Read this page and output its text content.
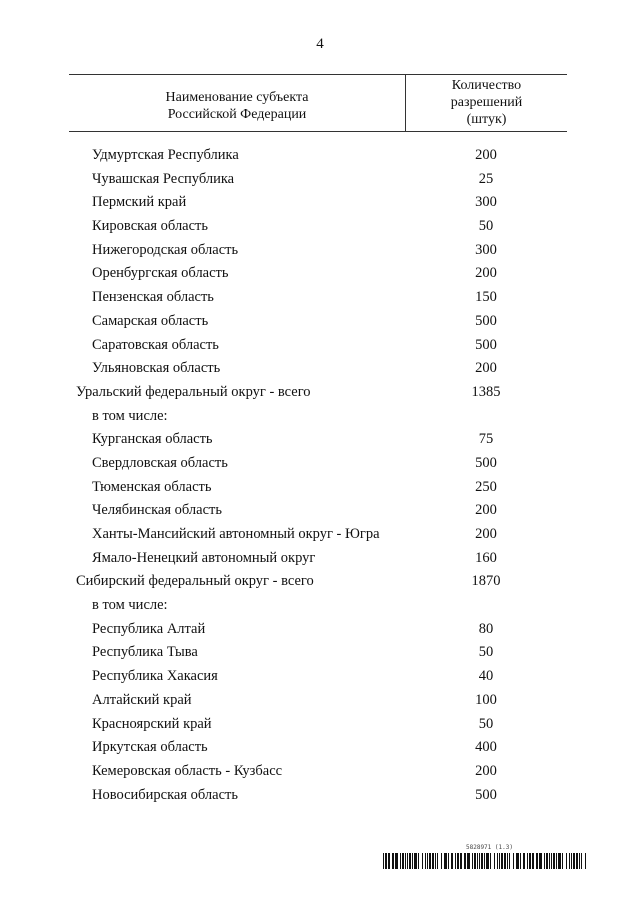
4
Наименование субъекта
Российской Федерации
Количество
разрешений
(штук)
Удмуртская Республика	200
Чувашская Республика	25
Пермский край	300
Кировская область	50
Нижегородская область	300
Оренбургская область	200
Пензенская область	150
Самарская область	500
Саратовская область	500
Ульяновская область	200
Уральский федеральный округ - всего	1385
в том числе:
Курганская область	75
Свердловская область	500
Тюменская область	250
Челябинская область	200
Ханты-Мансийский автономный округ - Югра	200
Ямало-Ненецкий автономный округ	160
Сибирский федеральный округ - всего	1870
в том числе:
Республика Алтай	80
Республика Тыва	50
Республика Хакасия	40
Алтайский край	100
Красноярский край	50
Иркутская область	400
Кемеровская область - Кузбасс	200
Новосибирская область	500
5828971 (1.3)
